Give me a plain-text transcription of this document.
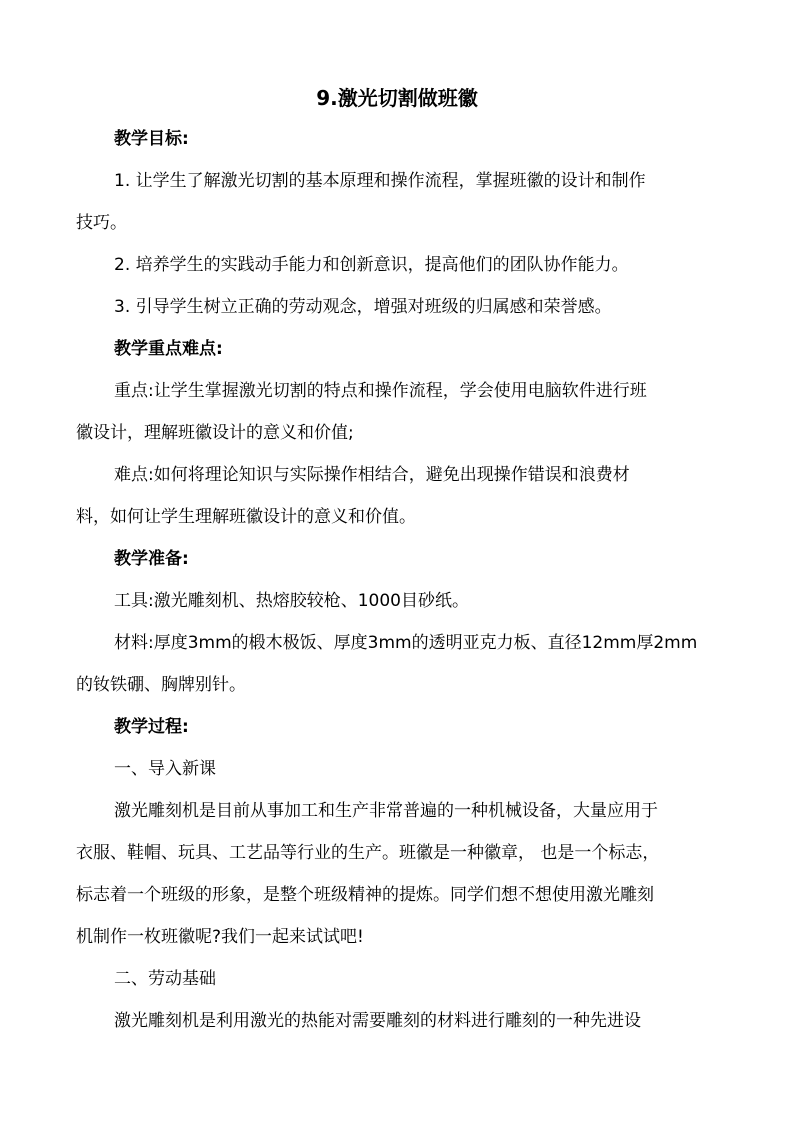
9.激光切割做班徽
教学目标:
1. 让学生了解激光切割的基本原理和操作流程，掌握班徽的设计和制作
技巧。
2. 培养学生的实践动手能力和创新意识，提高他们的团队协作能力。
3. 引导学生树立正确的劳动观念，增强对班级的归属感和荣誉感。
教学重点难点:
重点:让学生掌握激光切割的特点和操作流程，学会使用电脑软件进行班
徽设计，理解班徽设计的意义和价值;
难点:如何将理论知识与实际操作相结合，避免出现操作错误和浪费材
料，如何让学生理解班徽设计的意义和价值。
教学准备:
工具:激光雕刻机、热熔胶较枪、1000目砂纸。
材料:厚度3mm的椴木极饭、厚度3mm的透明亚克力板、直径12mm厚2mm
的钕铁硼、胸牌别针。
教学过程:
一、导入新课
激光雕刻机是目前从事加工和生产非常普遍的一种机械设备，大量应用于
衣服、鞋帽、玩具、工艺品等行业的生产。班徽是一种徽章， 也是一个标志，
标志着一个班级的形象，是整个班级精神的提炼。同学们想不想使用激光雕刻
机制作一枚班徽呢?我们一起来试试吧!
二、劳动基础
激光雕刻机是利用激光的热能对需要雕刻的材料进行雕刻的一种先进设
